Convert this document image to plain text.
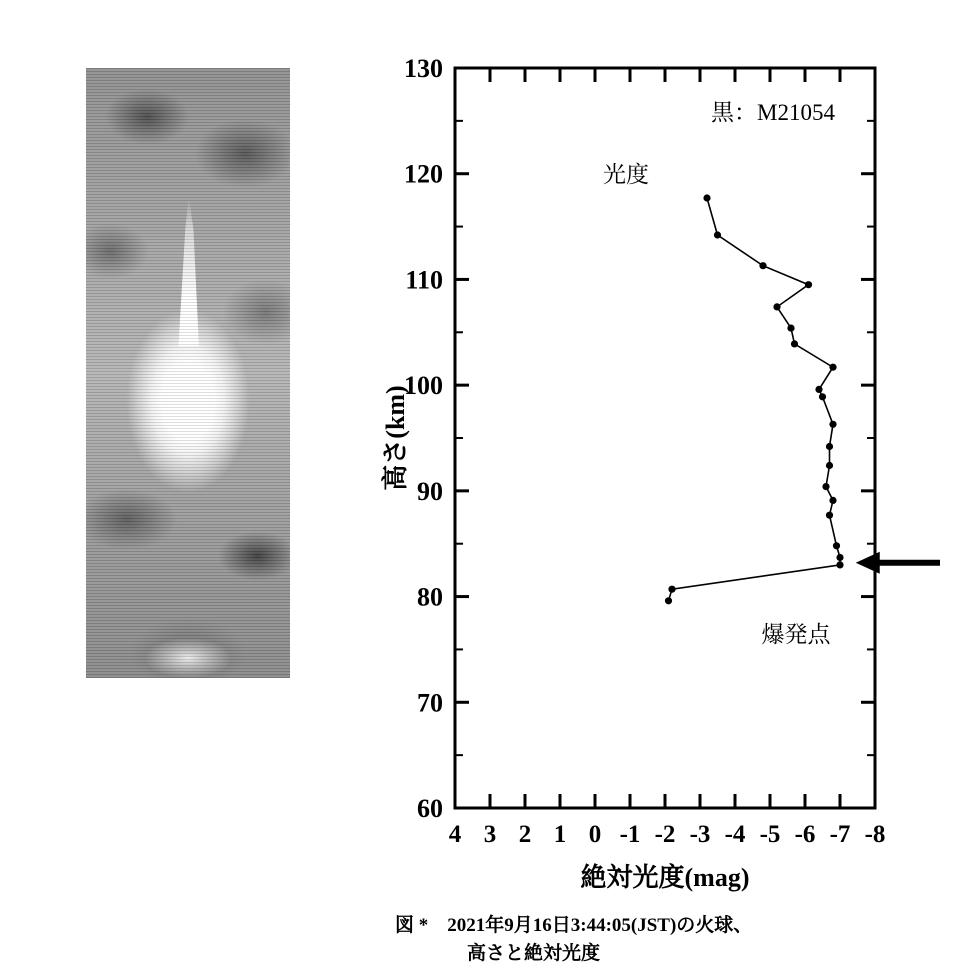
60
70
80
90
100
110
120
130
4 3 2 1 0 -1 -2 -3 -4 -5 -6 -7 -8
黒：M21054
光度
爆発点
絶対光度(mag)
高さ(km)
図 *　2021年9月16日3:44:05(JST)の火球、
高さと絶対光度
